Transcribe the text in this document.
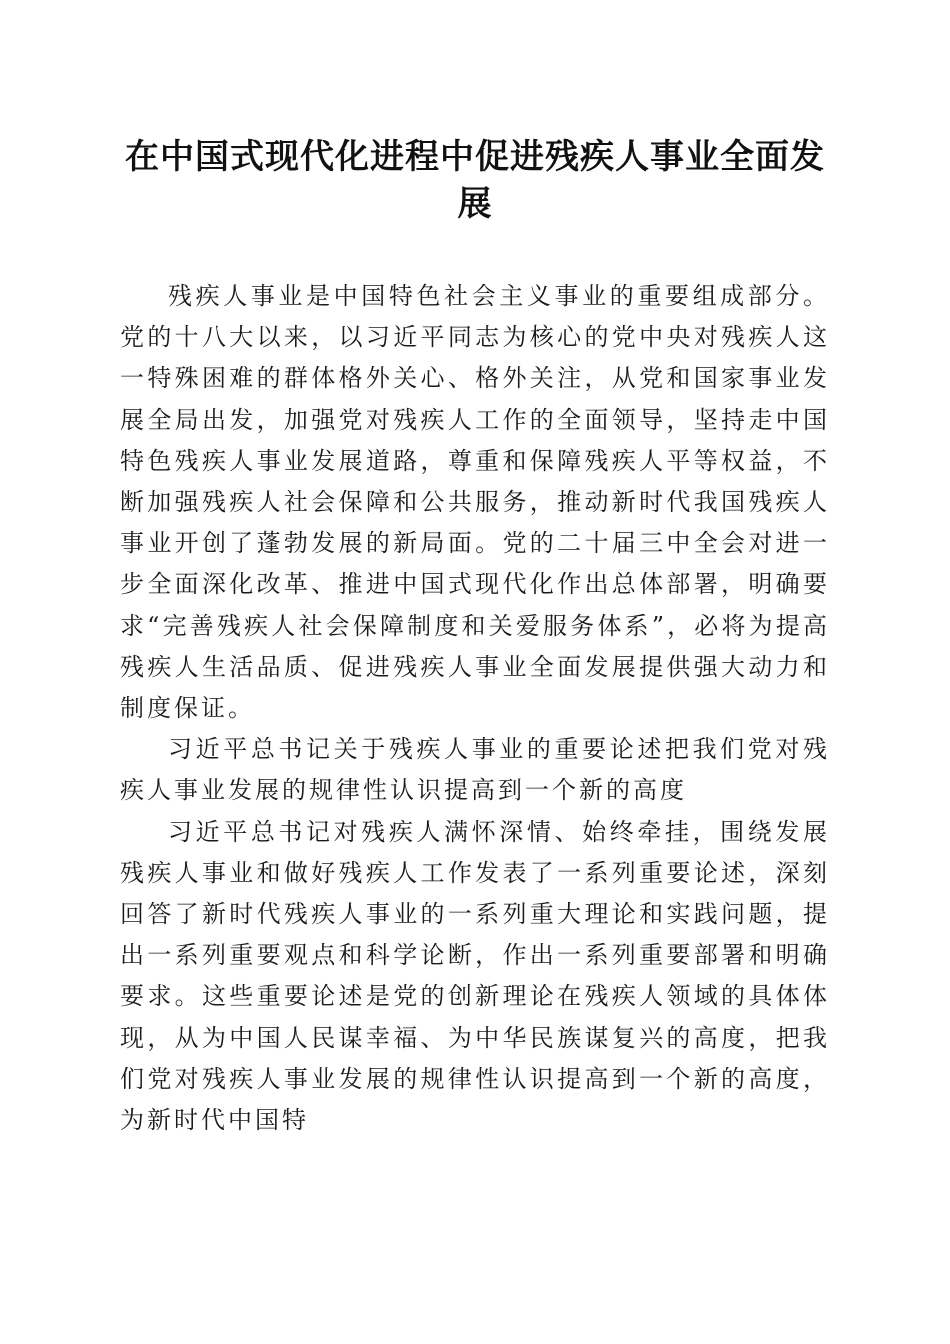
在中国式现代化进程中促进残疾人事业全面发展

残疾人事业是中国特色社会主义事业的重要组成部分。党的十八大以来，以习近平同志为核心的党中央对残疾人这一特殊困难的群体格外关心、格外关注，从党和国家事业发展全局出发，加强党对残疾人工作的全面领导，坚持走中国特色残疾人事业发展道路，尊重和保障残疾人平等权益，不断加强残疾人社会保障和公共服务，推动新时代我国残疾人事业开创了蓬勃发展的新局面。党的二十届三中全会对进一步全面深化改革、推进中国式现代化作出总体部署，明确要求“完善残疾人社会保障制度和关爱服务体系”，必将为提高残疾人生活品质、促进残疾人事业全面发展提供强大动力和制度保证。

习近平总书记关于残疾人事业的重要论述把我们党对残疾人事业发展的规律性认识提高到一个新的高度

习近平总书记对残疾人满怀深情、始终牵挂，围绕发展残疾人事业和做好残疾人工作发表了一系列重要论述，深刻回答了新时代残疾人事业的一系列重大理论和实践问题，提出一系列重要观点和科学论断，作出一系列重要部署和明确要求。这些重要论述是党的创新理论在残疾人领域的具体体现，从为中国人民谋幸福、为中华民族谋复兴的高度，把我们党对残疾人事业发展的规律性认识提高到一个新的高度，为新时代中国特
